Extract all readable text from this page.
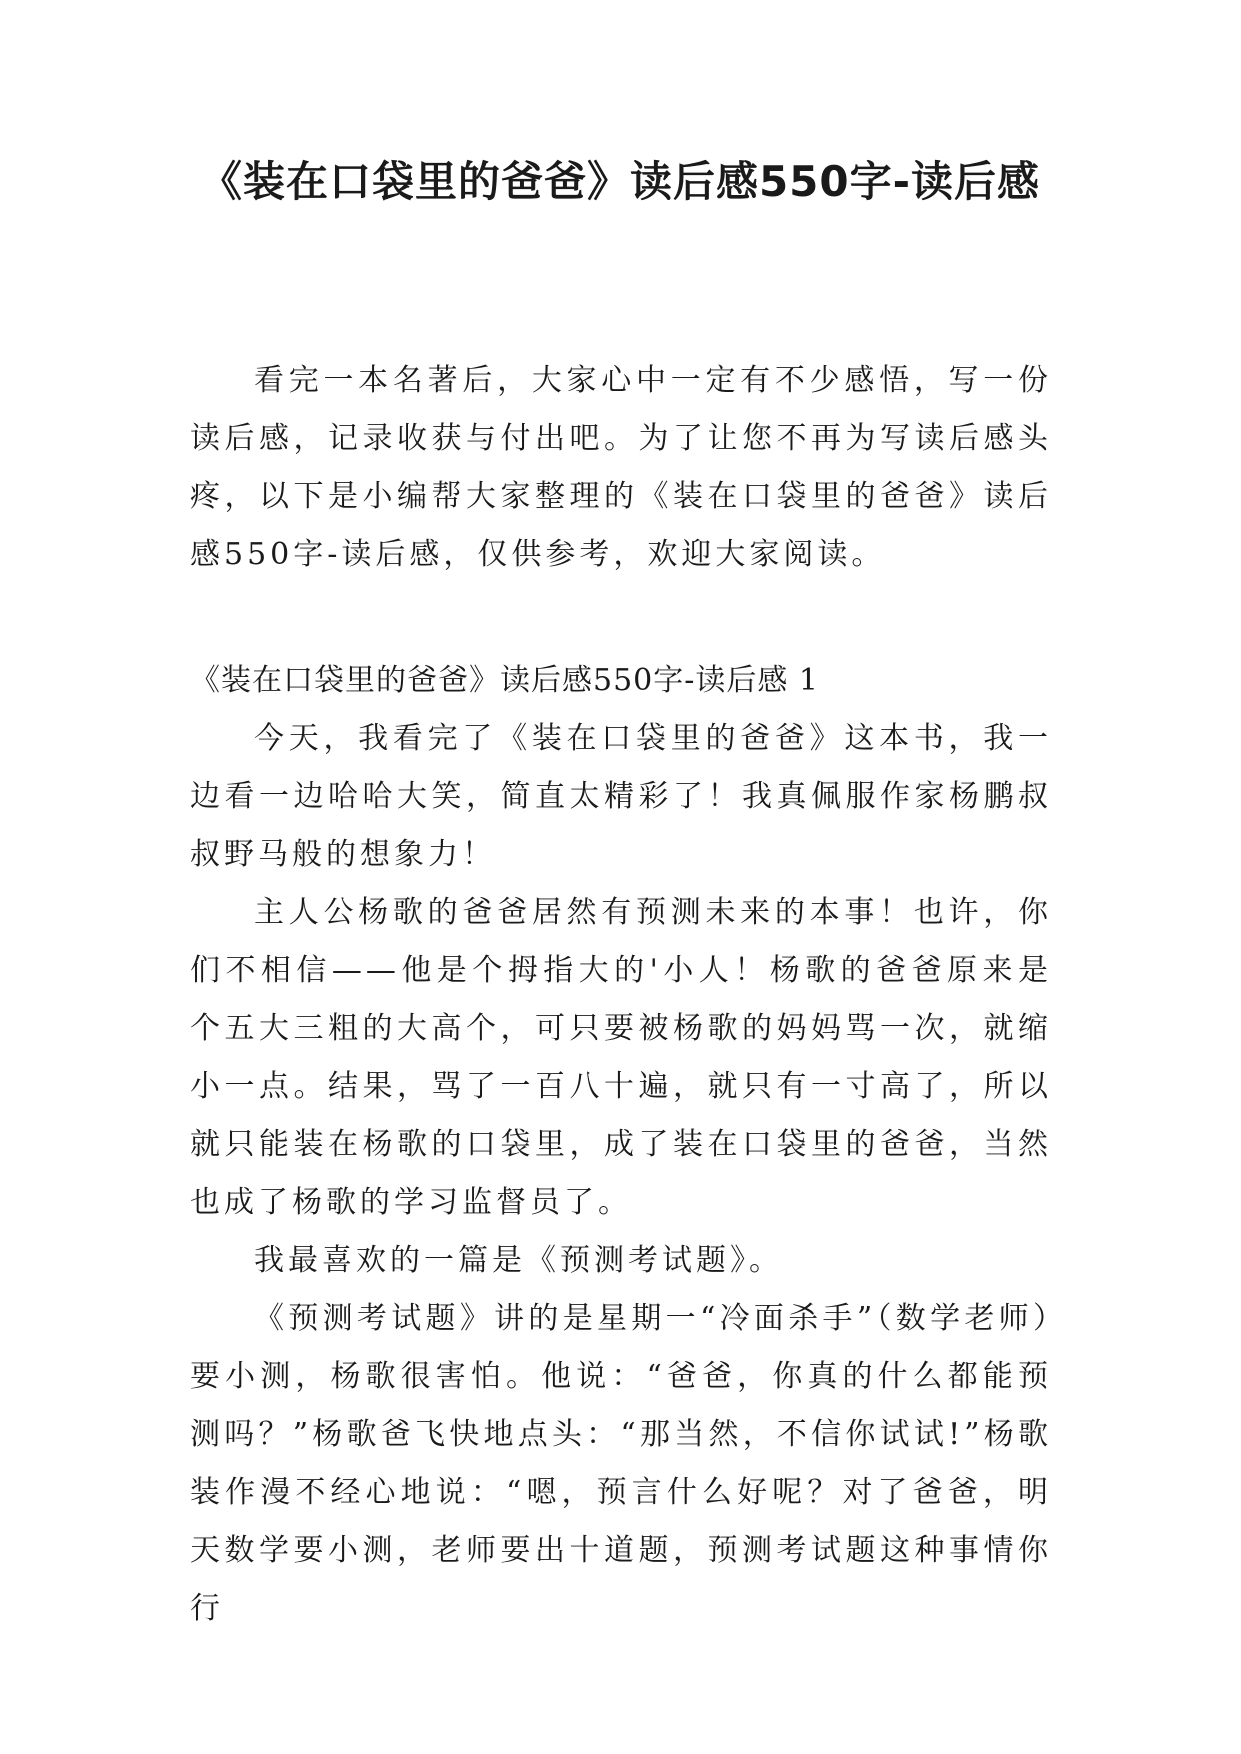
《装在口袋里的爸爸》读后感550字-读后感

看完一本名著后，大家心中一定有不少感悟，写一份读后感，记录收获与付出吧。为了让您不再为写读后感头疼，以下是小编帮大家整理的《装在口袋里的爸爸》读后感550字-读后感，仅供参考，欢迎大家阅读。

《装在口袋里的爸爸》读后感550字-读后感 1

今天，我看完了《装在口袋里的爸爸》这本书，我一边看一边哈哈大笑，简直太精彩了！我真佩服作家杨鹏叔叔野马般的想象力！

主人公杨歌的爸爸居然有预测未来的本事！也许，你们不相信——他是个拇指大的'小人！杨歌的爸爸原来是个五大三粗的大高个，可只要被杨歌的妈妈骂一次，就缩小一点。结果，骂了一百八十遍，就只有一寸高了，所以就只能装在杨歌的口袋里，成了装在口袋里的爸爸，当然也成了杨歌的学习监督员了。

我最喜欢的一篇是《预测考试题》。

《预测考试题》讲的是星期一“冷面杀手”（数学老师）要小测，杨歌很害怕。他说：“爸爸，你真的什么都能预测吗？”杨歌爸飞快地点头：“那当然，不信你试试!”杨歌装作漫不经心地说：“嗯，预言什么好呢？对了爸爸，明天数学要小测，老师要出十道题，预测考试题这种事情你行
